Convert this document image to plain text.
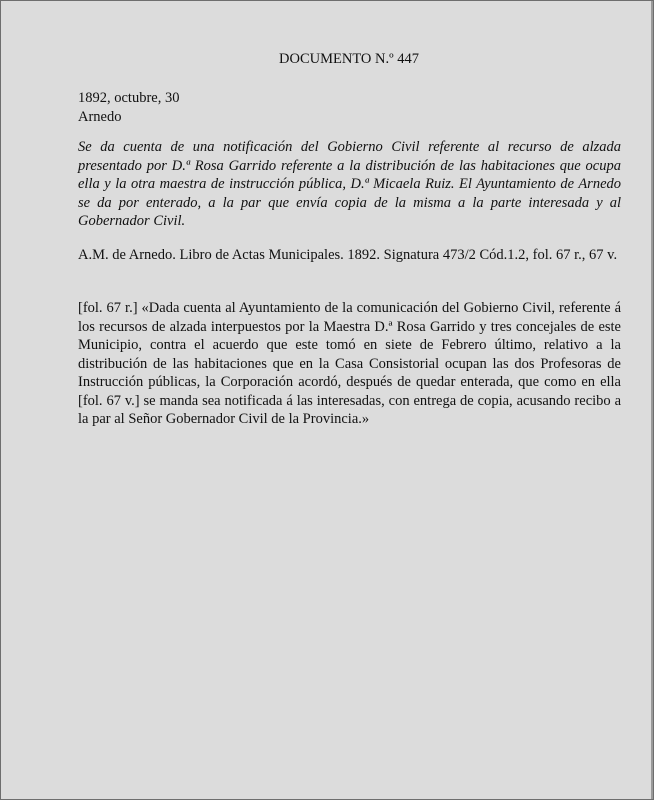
DOCUMENTO N.º 447
1892, octubre, 30
Arnedo
Se da cuenta de una notificación del Gobierno Civil referente al recurso de alzada presentado por D.ª Rosa Garrido referente a la distribución de las habitaciones que ocupa ella y la otra maestra de instrucción pública, D.ª Micaela Ruiz. El Ayuntamiento de Arnedo se da por enterado, a la par que envía copia de la misma a la parte interesada y al Gobernador Civil.
A.M. de Arnedo. Libro de Actas Municipales. 1892. Signatura 473/2 Cód.1.2, fol. 67 r., 67 v.
[fol. 67 r.] «Dada cuenta al Ayuntamiento de la comunicación del Gobierno Civil, referente á los recursos de alzada interpuestos por la Maestra D.ª Rosa Garrido y tres concejales de este Municipio, contra el acuerdo que este tomó en siete de Febrero último, relativo a la distribución de las habitaciones que en la Casa Consistorial ocupan las dos Profesoras de Instrucción públicas, la Corporación acordó, después de quedar enterada, que como en ella [fol. 67 v.] se manda sea notificada á las interesadas, con entrega de copia, acusando recibo a la par al Señor Gobernador Civil de la Provincia.»
